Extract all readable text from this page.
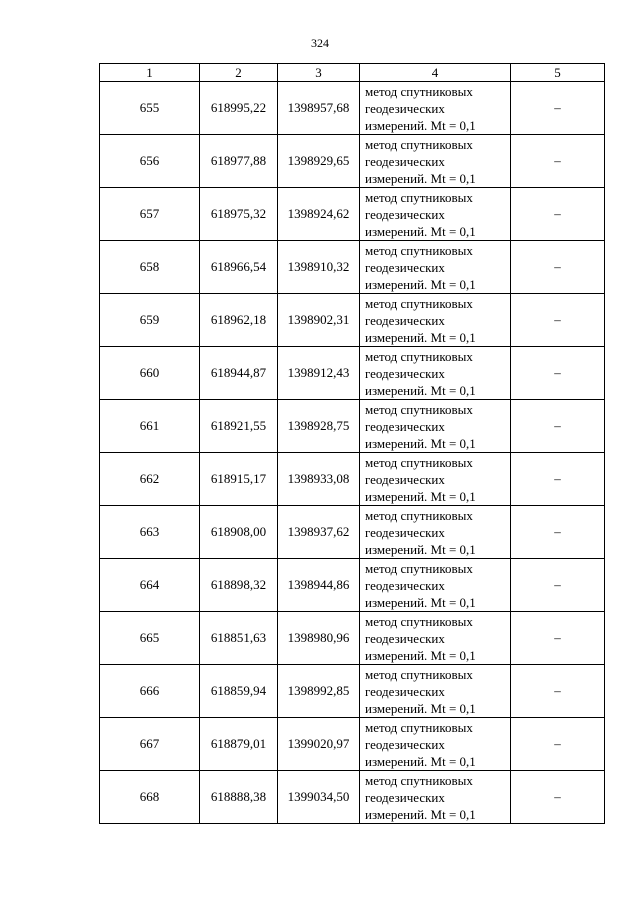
324
1	2	3	4	5
655	618995,22	1398957,68	метод спутниковых геодезических измерений. Mt = 0,1	–
656	618977,88	1398929,65	метод спутниковых геодезических измерений. Mt = 0,1	–
657	618975,32	1398924,62	метод спутниковых геодезических измерений. Mt = 0,1	–
658	618966,54	1398910,32	метод спутниковых геодезических измерений. Mt = 0,1	–
659	618962,18	1398902,31	метод спутниковых геодезических измерений. Mt = 0,1	–
660	618944,87	1398912,43	метод спутниковых геодезических измерений. Mt = 0,1	–
661	618921,55	1398928,75	метод спутниковых геодезических измерений. Mt = 0,1	–
662	618915,17	1398933,08	метод спутниковых геодезических измерений. Mt = 0,1	–
663	618908,00	1398937,62	метод спутниковых геодезических измерений. Mt = 0,1	–
664	618898,32	1398944,86	метод спутниковых геодезических измерений. Mt = 0,1	–
665	618851,63	1398980,96	метод спутниковых геодезических измерений. Mt = 0,1	–
666	618859,94	1398992,85	метод спутниковых геодезических измерений. Mt = 0,1	–
667	618879,01	1399020,97	метод спутниковых геодезических измерений. Mt = 0,1	–
668	618888,38	1399034,50	метод спутниковых геодезических измерений. Mt = 0,1	–
